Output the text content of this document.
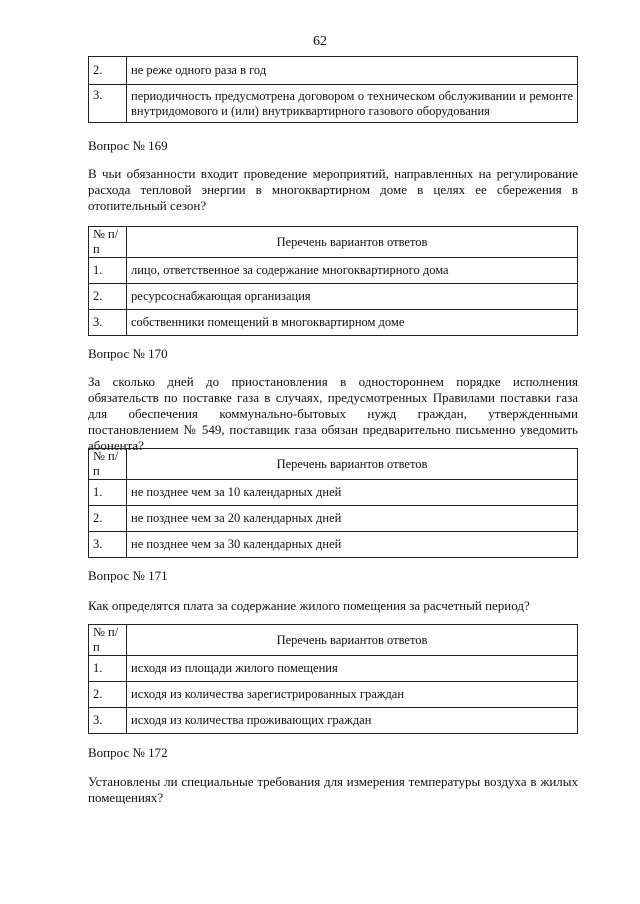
62
2.	не реже одного раза в год
3.	периодичность предусмотрена договором о техническом обслуживании и ремонте внутридомового и (или) внутриквартирного газового оборудования
Вопрос № 169
В чьи обязанности входит проведение мероприятий, направленных на регулирование расхода тепловой энергии в многоквартирном доме в целях ее сбережения в отопительный сезон?
№ п/п	Перечень вариантов ответов
1.	лицо, ответственное за содержание многоквартирного дома
2.	ресурсоснабжающая организация
3.	собственники помещений в многоквартирном доме
Вопрос № 170
За сколько дней до приостановления в одностороннем порядке исполнения обязательств по поставке газа в случаях, предусмотренных Правилами поставки газа для обеспечения коммунально-бытовых нужд граждан, утвержденными постановлением № 549, поставщик газа обязан предварительно письменно уведомить абонента?
№ п/п	Перечень вариантов ответов
1.	не позднее чем за 10 календарных дней
2.	не позднее чем за 20 календарных дней
3.	не позднее чем за 30 календарных дней
Вопрос № 171
Как определятся плата за содержание жилого помещения за расчетный период?
№ п/п	Перечень вариантов ответов
1.	исходя из площади жилого помещения
2.	исходя из количества зарегистрированных граждан
3.	исходя из количества проживающих граждан
Вопрос № 172
Установлены ли специальные требования для измерения температуры воздуха в жилых помещениях?
